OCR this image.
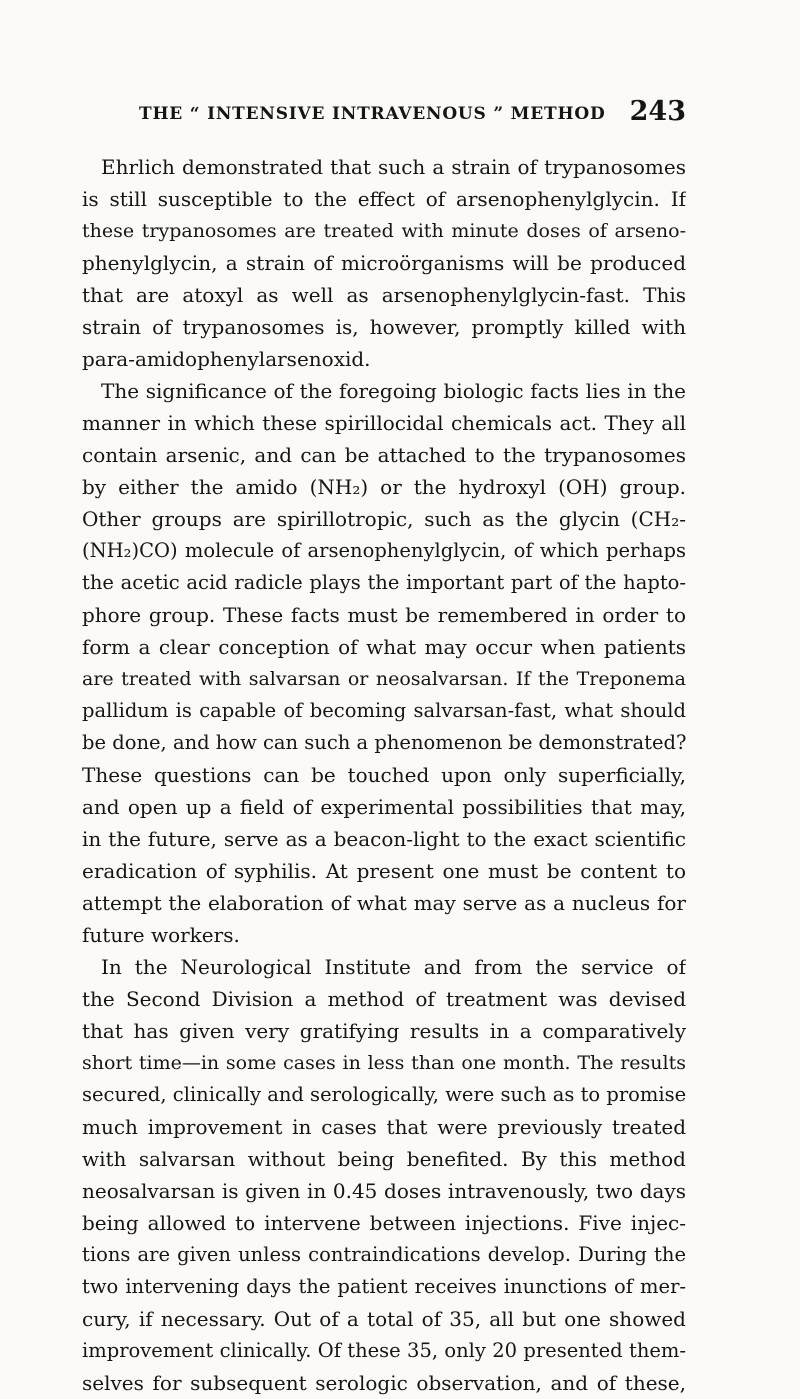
THE “ INTENSIVE INTRAVENOUS ” METHOD 243
Ehrlich demonstrated that such a strain of trypanosomes
is still susceptible to the effect of arsenophenylglycin. If
these trypanosomes are treated with minute doses of arseno-
phenylglycin, a strain of microörganisms will be produced
that are atoxyl as well as arsenophenylglycin-fast. This
strain of trypanosomes is, however, promptly killed with
para-amidophenylarsenoxid.
The significance of the foregoing biologic facts lies in the
manner in which these spirillocidal chemicals act. They all
contain arsenic, and can be attached to the trypanosomes
by either the amido (NH₂) or the hydroxyl (OH) group.
Other groups are spirillotropic, such as the glycin (CH₂-
(NH₂)CO) molecule of arsenophenylglycin, of which perhaps
the acetic acid radicle plays the important part of the hapto-
phore group. These facts must be remembered in order to
form a clear conception of what may occur when patients
are treated with salvarsan or neosalvarsan. If the Treponema
pallidum is capable of becoming salvarsan-fast, what should
be done, and how can such a phenomenon be demonstrated?
These questions can be touched upon only superficially,
and open up a field of experimental possibilities that may,
in the future, serve as a beacon-light to the exact scientific
eradication of syphilis. At present one must be content to
attempt the elaboration of what may serve as a nucleus for
future workers.
In the Neurological Institute and from the service of
the Second Division a method of treatment was devised
that has given very gratifying results in a comparatively
short time—in some cases in less than one month. The results
secured, clinically and serologically, were such as to promise
much improvement in cases that were previously treated
with salvarsan without being benefited. By this method
neosalvarsan is given in 0.45 doses intravenously, two days
being allowed to intervene between injections. Five injec-
tions are given unless contraindications develop. During the
two intervening days the patient receives inunctions of mer-
cury, if necessary. Out of a total of 35, all but one showed
improvement clinically. Of these 35, only 20 presented them-
selves for subsequent serologic observation, and of these,
